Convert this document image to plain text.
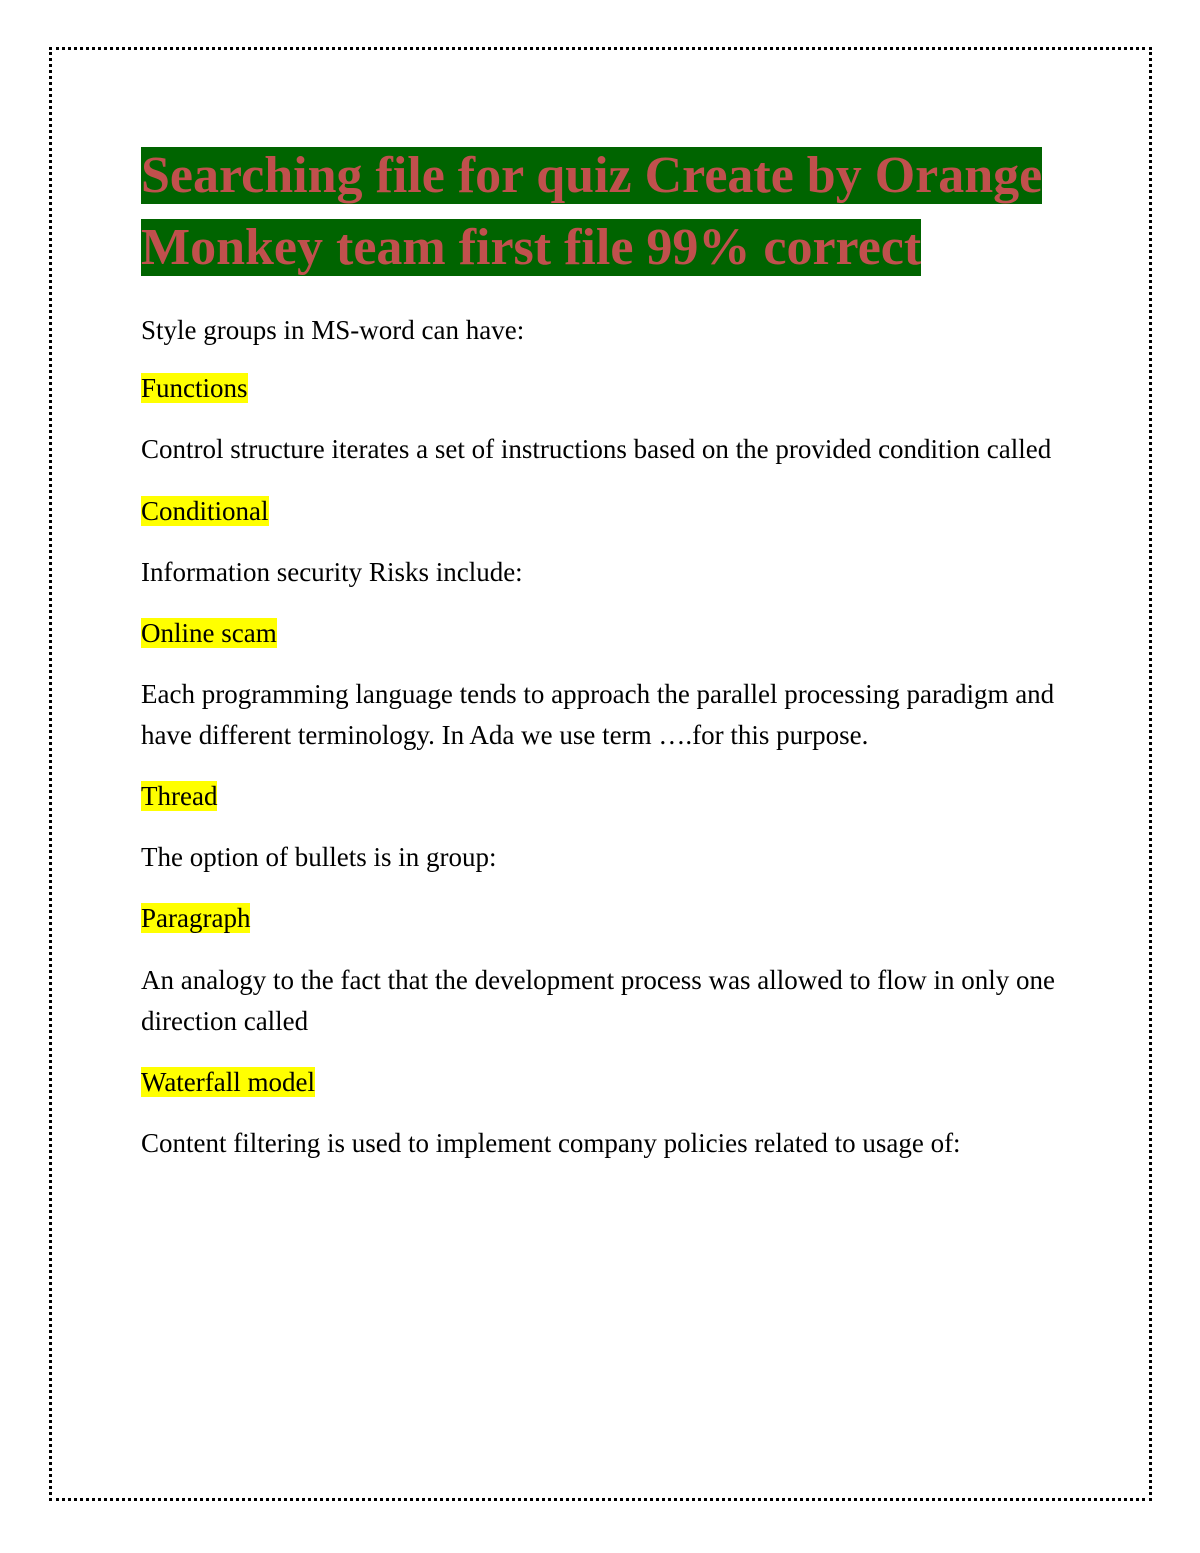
Searching file for quiz Create by Orange Monkey team first file 99% correct

Style groups in MS-word can have:

Functions

Control structure iterates a set of instructions based on the provided condition called

Conditional

Information security Risks include:

Online scam

Each programming language tends to approach the parallel processing paradigm and have different terminology. In Ada we use term ….for this purpose.

Thread

The option of bullets is in group:

Paragraph

An analogy to the fact that the development process was allowed to flow in only one direction called

Waterfall model

Content filtering is used to implement company policies related to usage of:
